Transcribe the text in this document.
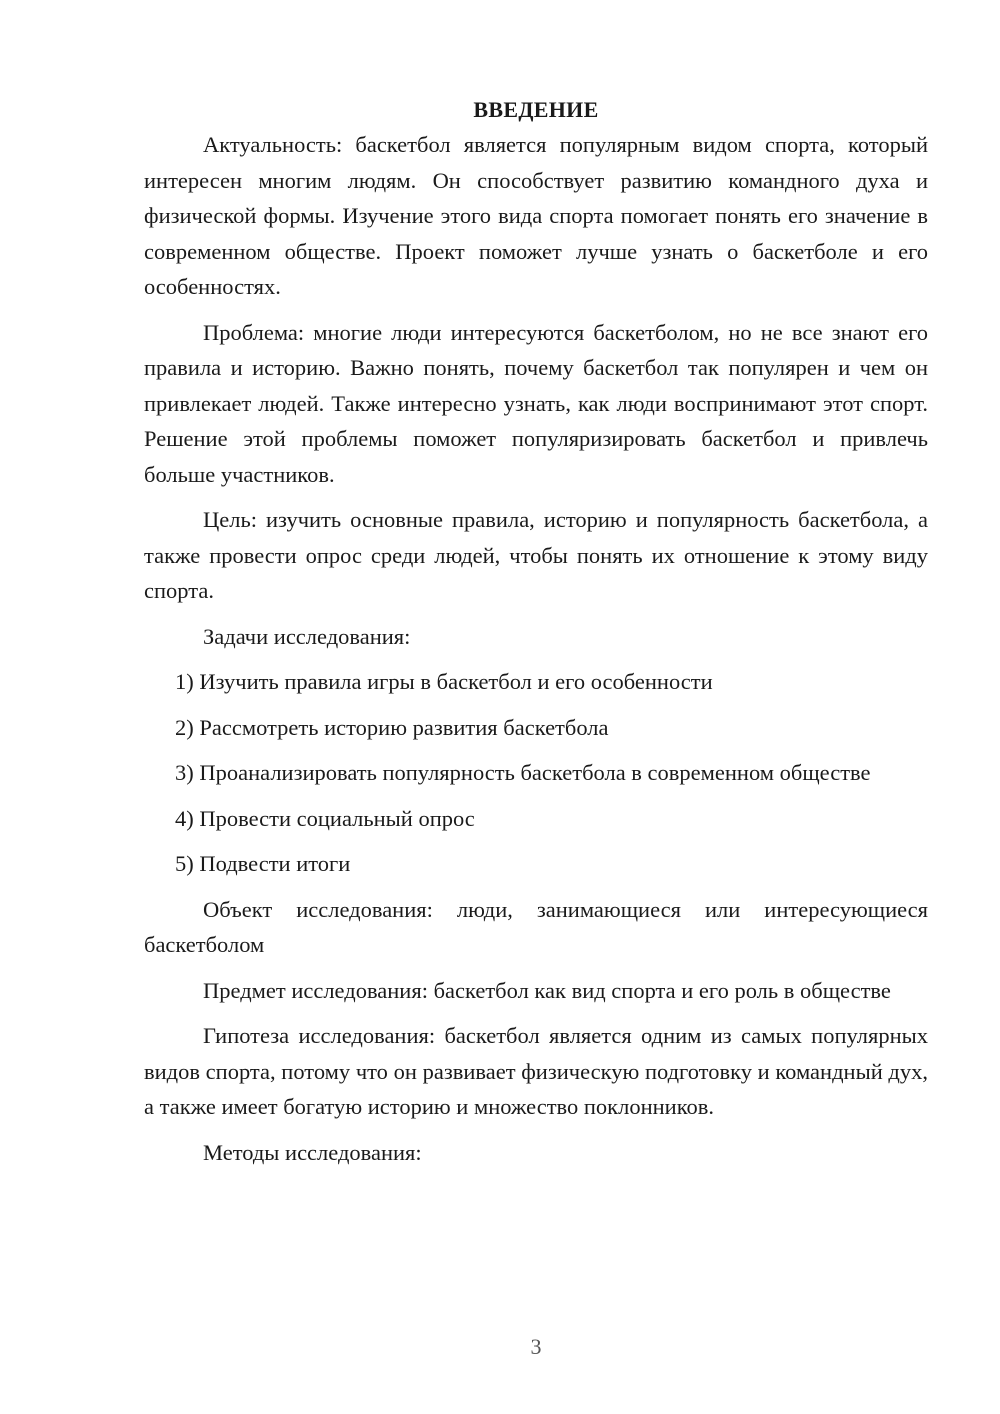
ВВЕДЕНИЕ

Актуальность: баскетбол является популярным видом спорта, который интересен многим людям. Он способствует развитию командного духа и физической формы. Изучение этого вида спорта помогает понять его значение в современном обществе. Проект поможет лучше узнать о баскетболе и его особенностях.

Проблема: многие люди интересуются баскетболом, но не все знают его правила и историю. Важно понять, почему баскетбол так популярен и чем он привлекает людей. Также интересно узнать, как люди воспринимают этот спорт. Решение этой проблемы поможет популяризировать баскетбол и привлечь больше участников.

Цель: изучить основные правила, историю и популярность баскетбола, а также провести опрос среди людей, чтобы понять их отношение к этому виду спорта.

Задачи исследования:

1) Изучить правила игры в баскетбол и его особенности

2) Рассмотреть историю развития баскетбола

3) Проанализировать популярность баскетбола в современном обществе

4) Провести социальный опрос

5) Подвести итоги

Объект исследования: люди, занимающиеся или интересующиеся баскетболом

Предмет исследования: баскетбол как вид спорта и его роль в обществе

Гипотеза исследования: баскетбол является одним из самых популярных видов спорта, потому что он развивает физическую подготовку и командный дух, а также имеет богатую историю и множество поклонников.

Методы исследования:

3
